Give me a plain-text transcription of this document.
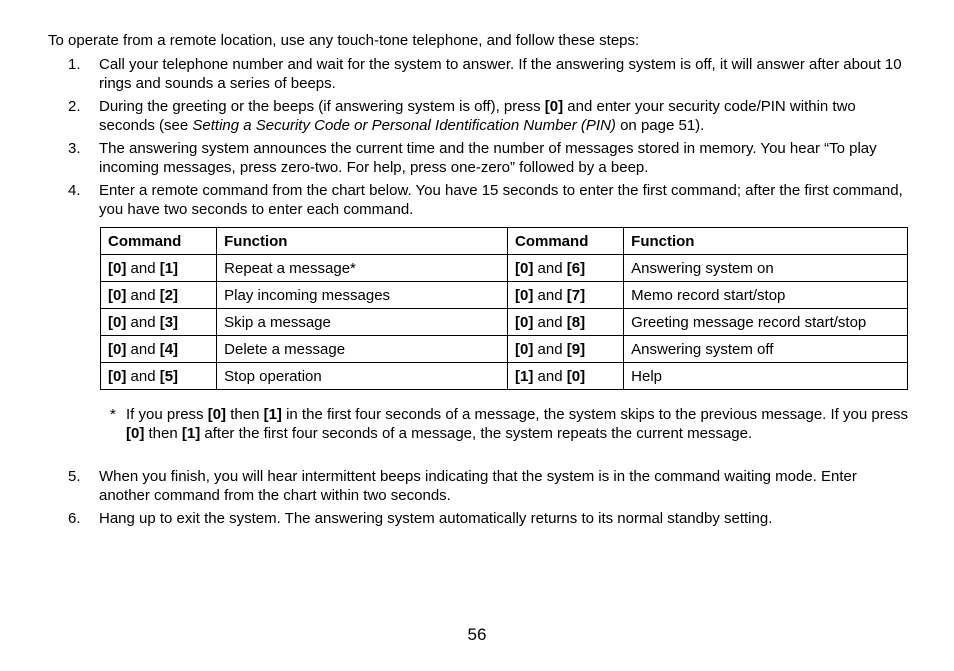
To operate from a remote location, use any touch-tone telephone, and follow these steps:
1.	Call your telephone number and wait for the system to answer. If the answering system is off, it will answer after about 10 rings and sounds a series of beeps.
2.	During the greeting or the beeps (if answering system is off), press [0] and enter your security code/PIN within two seconds (see Setting a Security Code or Personal Identification Number (PIN) on page 51).
3.	The answering system announces the current time and the number of messages stored in memory. You hear “To play incoming messages, press zero-two. For help, press one-zero” followed by a beep.
4.	Enter a remote command from the chart below. You have 15 seconds to enter the first command; after the first command, you have two seconds to enter each command.
Command	Function	Command	Function
[0] and [1]	Repeat a message*	[0] and [6]	Answering system on
[0] and [2]	Play incoming messages	[0] and [7]	Memo record start/stop
[0] and [3]	Skip a message	[0] and [8]	Greeting message record start/stop
[0] and [4]	Delete a message	[0] and [9]	Answering system off
[0] and [5]	Stop operation	[1] and [0]	Help
* If you press [0] then [1] in the first four seconds of a message, the system skips to the previous message. If you press [0] then [1] after the first four seconds of a message, the system repeats the current message.
5.	When you finish, you will hear intermittent beeps indicating that the system is in the command waiting mode. Enter another command from the chart within two seconds.
6.	Hang up to exit the system. The answering system automatically returns to its normal standby setting.
56
